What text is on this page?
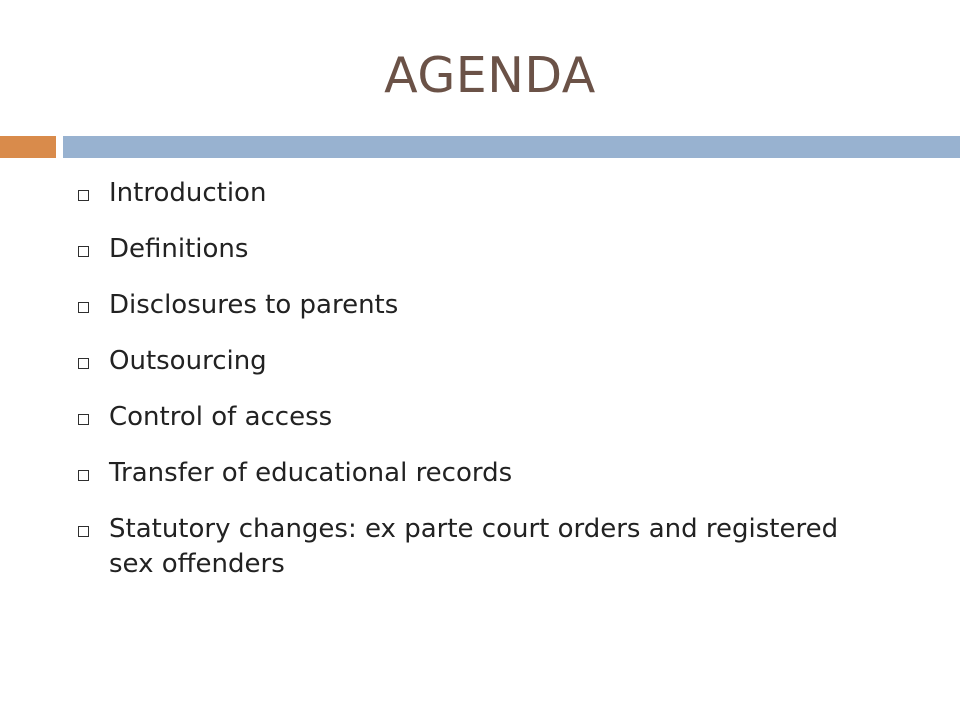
AGENDA
Introduction
Definitions
Disclosures to parents
Outsourcing
Control of access
Transfer of educational records
Statutory changes: ex parte court orders and registered sex offenders
